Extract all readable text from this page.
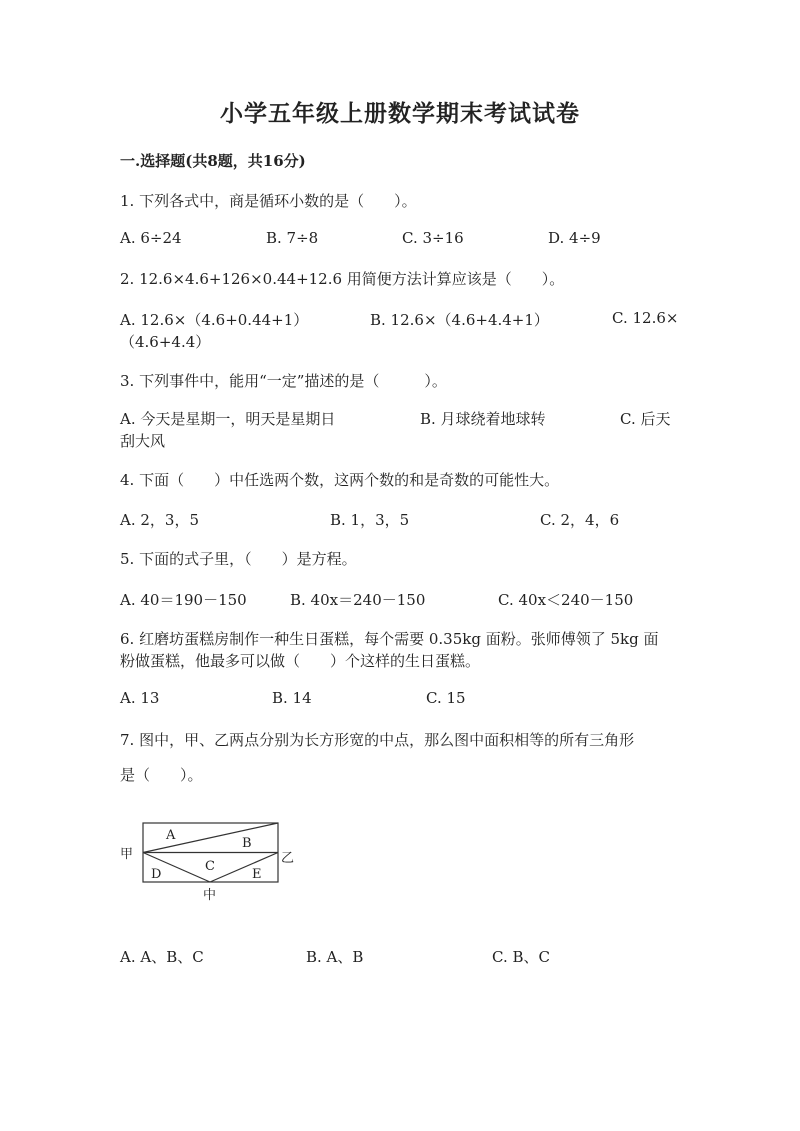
小学五年级上册数学期末考试试卷
一.选择题(共8题，共16分)
1. 下列各式中，商是循环小数的是（　　）。
A. 6÷24	B. 7÷8	C. 3÷16	D. 4÷9
2. 12.6×4.6+126×0.44+12.6 用简便方法计算应该是（　　）。
A. 12.6×（4.6+0.44+1）	B. 12.6×（4.6+4.4+1）	C. 12.6×
（4.6+4.4）
3. 下列事件中，能用“一定”描述的是（　　　）。
A. 今天是星期一，明天是星期日	B. 月球绕着地球转	C. 后天
刮大风
4. 下面（　　）中任选两个数，这两个数的和是奇数的可能性大。
A. 2，3，5	B. 1，3，5	C. 2，4，6
5. 下面的式子里，（　　）是方程。
A. 40＝190－150	B. 40x＝240－150	C. 40x＜240－150
6. 红磨坊蛋糕房制作一种生日蛋糕，每个需要 0.35kg 面粉。张师傅领了 5kg 面
粉做蛋糕，他最多可以做（　　）个这样的生日蛋糕。
A. 13	B. 14	C. 15
7. 图中，甲、乙两点分别为长方形宽的中点，那么图中面积相等的所有三角形
是（　　）。
甲	乙
中
A
B
C
D	E
A. A、B、C	B. A、B	C. B、C
